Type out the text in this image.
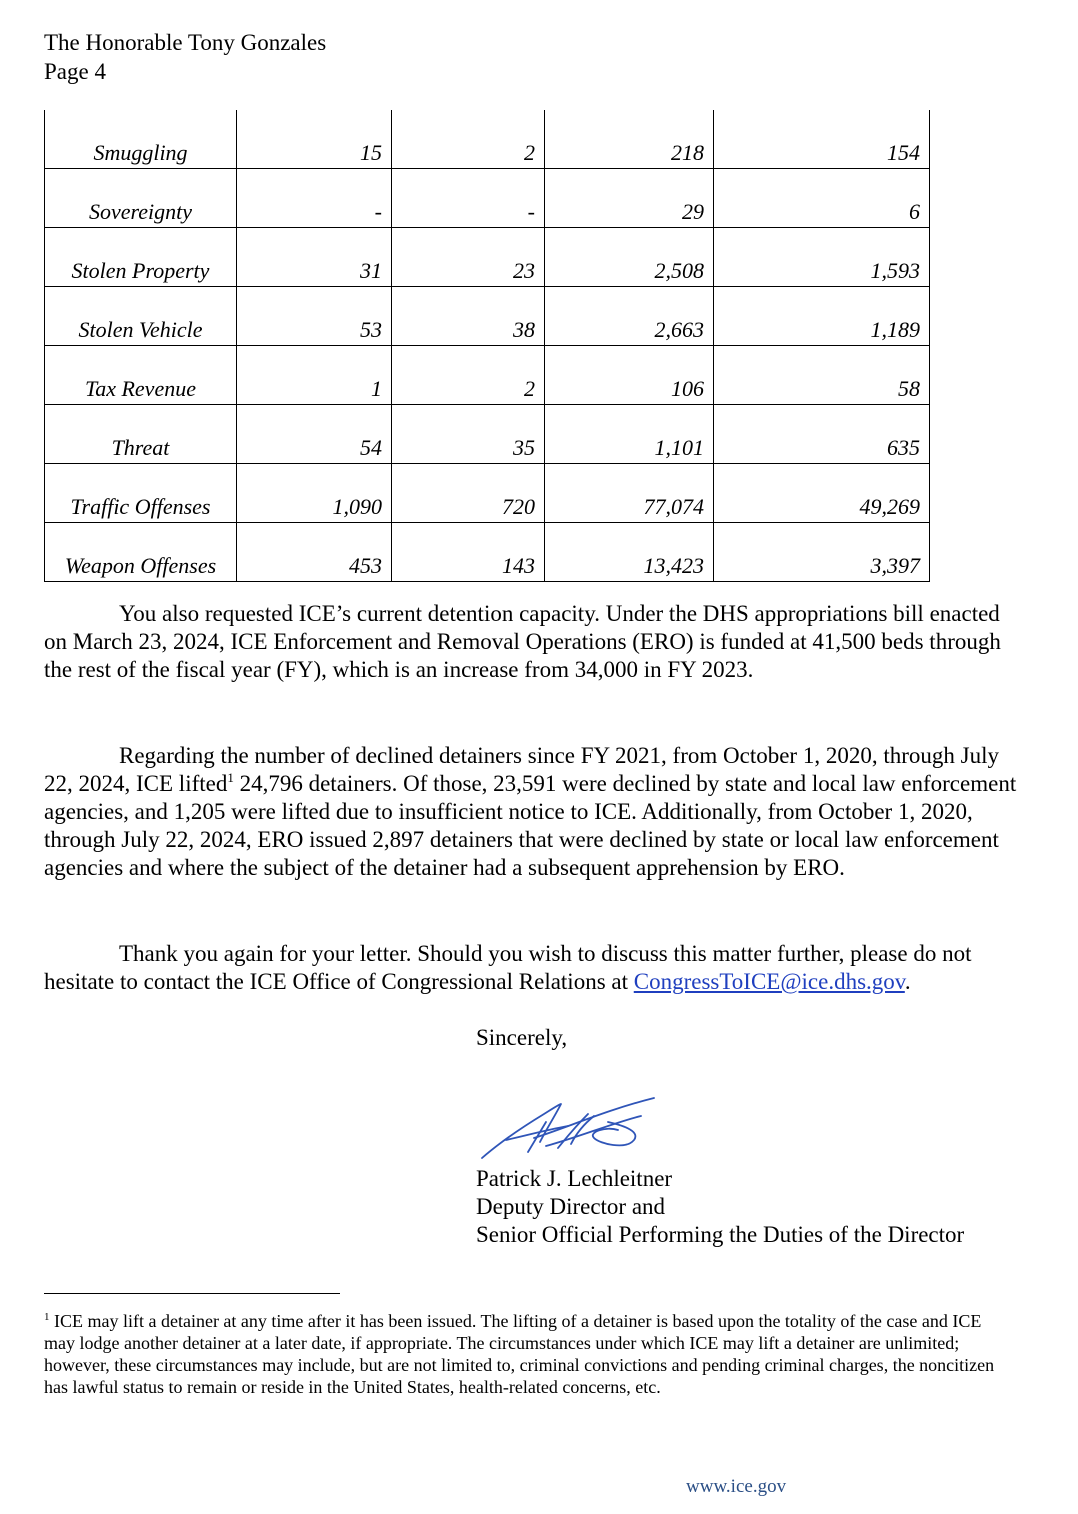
The Honorable Tony Gonzales
Page 4
Smuggling	15	2	218	154
Sovereignty	-	-	29	6
Stolen Property	31	23	2,508	1,593
Stolen Vehicle	53	38	2,663	1,189
Tax Revenue	1	2	106	58
Threat	54	35	1,101	635
Traffic Offenses	1,090	720	77,074	49,269
Weapon Offenses	453	143	13,423	3,397

You also requested ICE’s current detention capacity. Under the DHS appropriations bill enacted on March 23, 2024, ICE Enforcement and Removal Operations (ERO) is funded at 41,500 beds through the rest of the fiscal year (FY), which is an increase from 34,000 in FY 2023.

Regarding the number of declined detainers since FY 2021, from October 1, 2020, through July 22, 2024, ICE lifted$^1$ 24,796 detainers. Of those, 23,591 were declined by state and local law enforcement agencies, and 1,205 were lifted due to insufficient notice to ICE. Additionally, from October 1, 2020, through July 22, 2024, ERO issued 2,897 detainers that were declined by state or local law enforcement agencies and where the subject of the detainer had a subsequent apprehension by ERO.

Thank you again for your letter. Should you wish to discuss this matter further, please do not hesitate to contact the ICE Office of Congressional Relations at CongressToICE@ice.dhs.gov.

Sincerely,
Patrick J. Lechleitner
Deputy Director and
Senior Official Performing the Duties of the Director
$^1$ ICE may lift a detainer at any time after it has been issued. The lifting of a detainer is based upon the totality of the case and ICE may lodge another detainer at a later date, if appropriate. The circumstances under which ICE may lift a detainer are unlimited; however, these circumstances may include, but are not limited to, criminal convictions and pending criminal charges, the noncitizen has lawful status to remain or reside in the United States, health-related concerns, etc.
www.ice.gov
